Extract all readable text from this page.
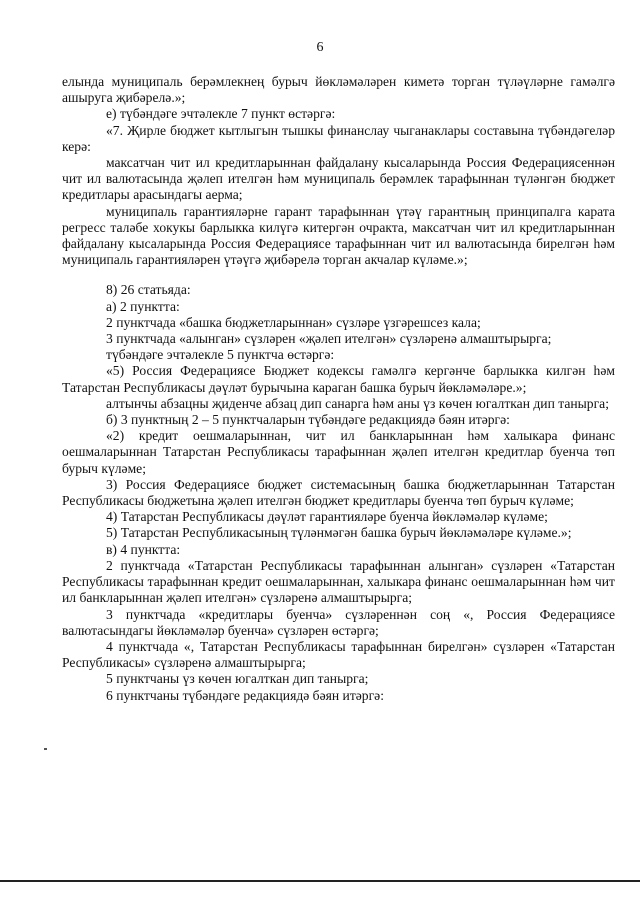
6

елында муниципаль берәмлекнең бурыч йөкләмәләрен киметә торган түләүләрне гамәлгә ашыруга җибәрелә.»;

е) түбәндәге эчтәлекле 7 пункт өстәргә:

«7. Җирле бюджет кытлыгын тышкы финанслау чыганаклары составына түбәндәгеләр керә:

максатчан чит ил кредитларыннан файдалану кысаларында Россия Федерациясеннән чит ил валютасында җәлеп ителгән һәм муниципаль берәмлек тарафыннан түләнгән бюджет кредитлары арасындагы аерма;

муниципаль гарантияләрне гарант тарафыннан үтәү гарантның принципалга карата регресс таләбе хокукы барлыкка килүгә китергән очракта, максатчан чит ил кредитларыннан файдалану кысаларында Россия Федерациясе тарафыннан чит ил валютасында бирелгән һәм муниципаль гарантияләрен үтәүгә җибәрелә торган акчалар күләме.»;

8) 26 статьяда:

а) 2 пунктта:

2 пунктчада «башка бюджетларыннан» сүзләре үзгәрешсез кала;

3 пунктчада «алынган» сүзләрен «җәлеп ителгән» сүзләренә алмаштырырга;

түбәндәге эчтәлекле 5 пунктча өстәргә:

«5) Россия Федерациясе Бюджет кодексы гамәлгә кергәнче барлыкка килгән һәм Татарстан Республикасы дәүләт бурычына караган башка бурыч йөкләмәләре.»;

алтынчы абзацны җиденче абзац дип санарга һәм аны үз көчен югалткан дип танырга;

б) 3 пунктның 2 – 5 пунктчаларын түбәндәге редакциядә бәян итәргә:

«2) кредит оешмаларыннан, чит ил банкларыннан һәм халыкара финанс оешмаларыннан Татарстан Республикасы тарафыннан җәлеп ителгән кредитлар буенча төп бурыч күләме;

3) Россия Федерациясе бюджет системасының башка бюджетларыннан Татарстан Республикасы бюджетына җәлеп ителгән бюджет кредитлары буенча төп бурыч күләме;

4) Татарстан Республикасы дәүләт гарантияләре буенча йөкләмәләр күләме;

5) Татарстан Республикасының түләнмәгән башка бурыч йөкләмәләре күләме.»;

в) 4 пунктта:

2 пунктчада «Татарстан Республикасы тарафыннан алынган» сүзләрен «Татарстан Республикасы тарафыннан кредит оешмаларыннан, халыкара финанс оешмаларыннан һәм чит ил банкларыннан җәлеп ителгән» сүзләренә алмаштырырга;

3 пунктчада «кредитлары буенча» сүзләреннән соң «, Россия Федерациясе валютасындагы йөкләмәләр буенча» сүзләрен өстәргә;

4 пунктчада «, Татарстан Республикасы тарафыннан бирелгән» сүзләрен «Татарстан Республикасы» сүзләренә алмаштырырга;

5 пунктчаны үз көчен югалткан дип танырга;

6 пунктчаны түбәндәге редакциядә бәян итәргә:
